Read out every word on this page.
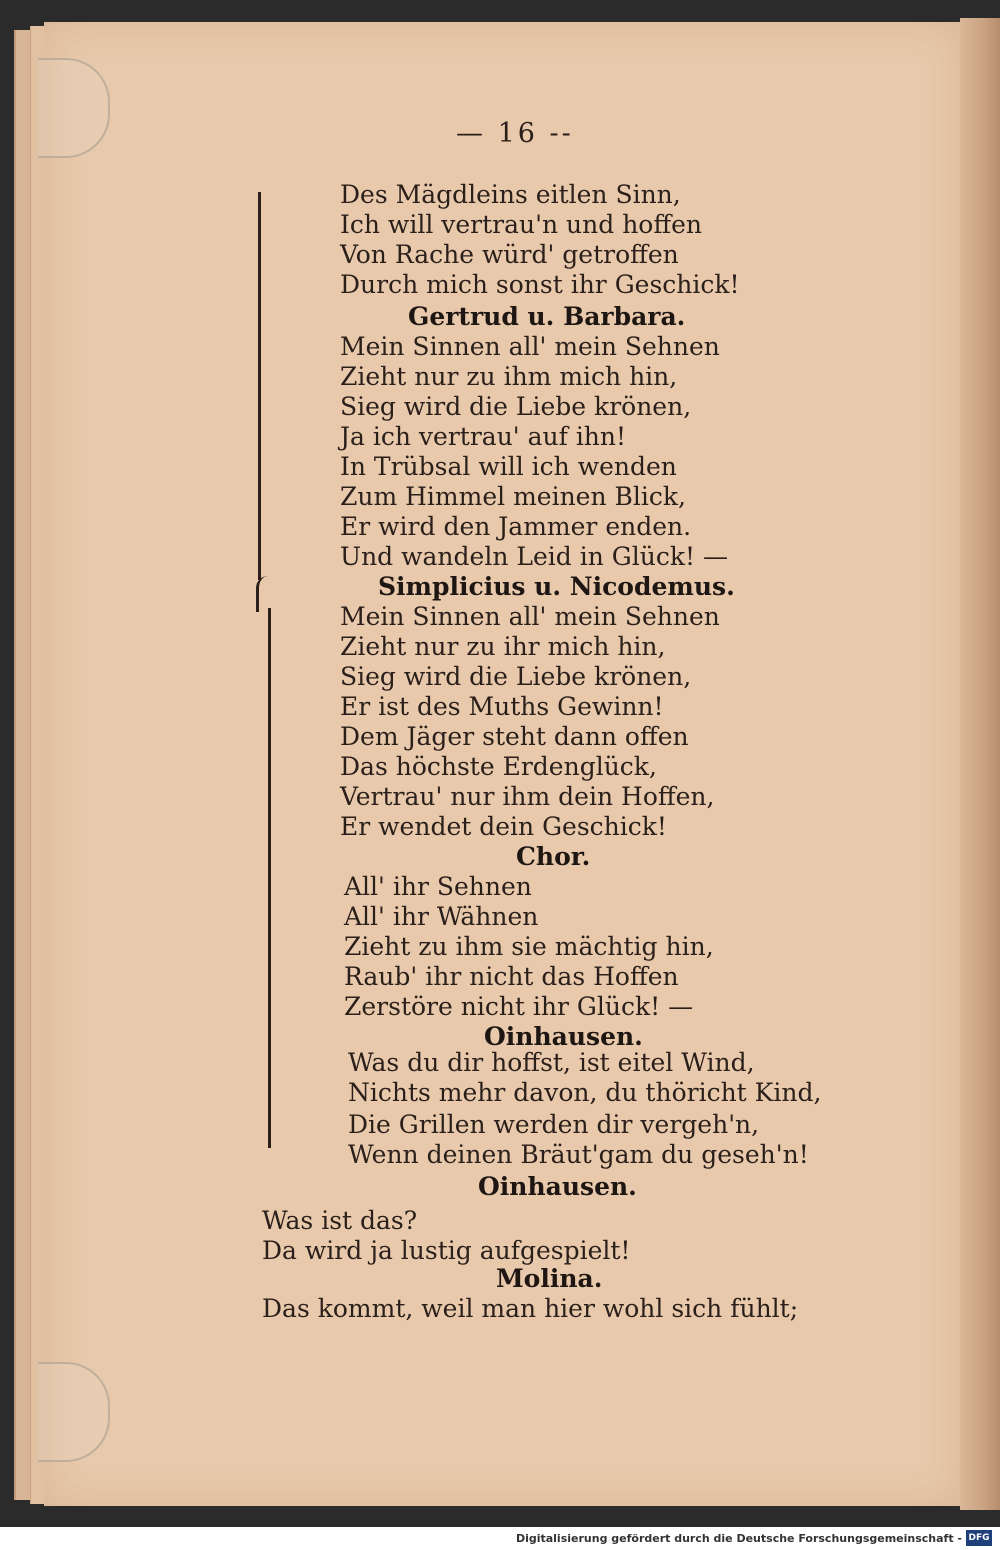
— 16 --
Des Mägdleins eitlen Sinn,
Ich will vertrau'n und hoffen
Von Rache würd' getroffen
Durch mich sonst ihr Geschick!
Gertrud u. Barbara.
Mein Sinnen all' mein Sehnen
Zieht nur zu ihm mich hin,
Sieg wird die Liebe krönen,
Ja ich vertrau' auf ihn!
In Trübsal will ich wenden
Zum Himmel meinen Blick,
Er wird den Jammer enden.
Und wandeln Leid in Glück! —
Simplicius u. Nicodemus.
Mein Sinnen all' mein Sehnen
Zieht nur zu ihr mich hin,
Sieg wird die Liebe krönen,
Er ist des Muths Gewinn!
Dem Jäger steht dann offen
Das höchste Erdenglück,
Vertrau' nur ihm dein Hoffen,
Er wendet dein Geschick!
Chor.
All' ihr Sehnen
All' ihr Wähnen
Zieht zu ihm sie mächtig hin,
Raub' ihr nicht das Hoffen
Zerstöre nicht ihr Glück! —
Oinhausen.
Was du dir hoffst, ist eitel Wind,
Nichts mehr davon, du thöricht Kind,
Die Grillen werden dir vergeh'n,
Wenn deinen Bräut'gam du geseh'n!
Oinhausen.
Was ist das?
Da wird ja lustig aufgespielt!
Molina.
Das kommt, weil man hier wohl sich fühlt;
Digitalisierung gefördert durch die Deutsche Forschungsgemeinschaft - DFG
